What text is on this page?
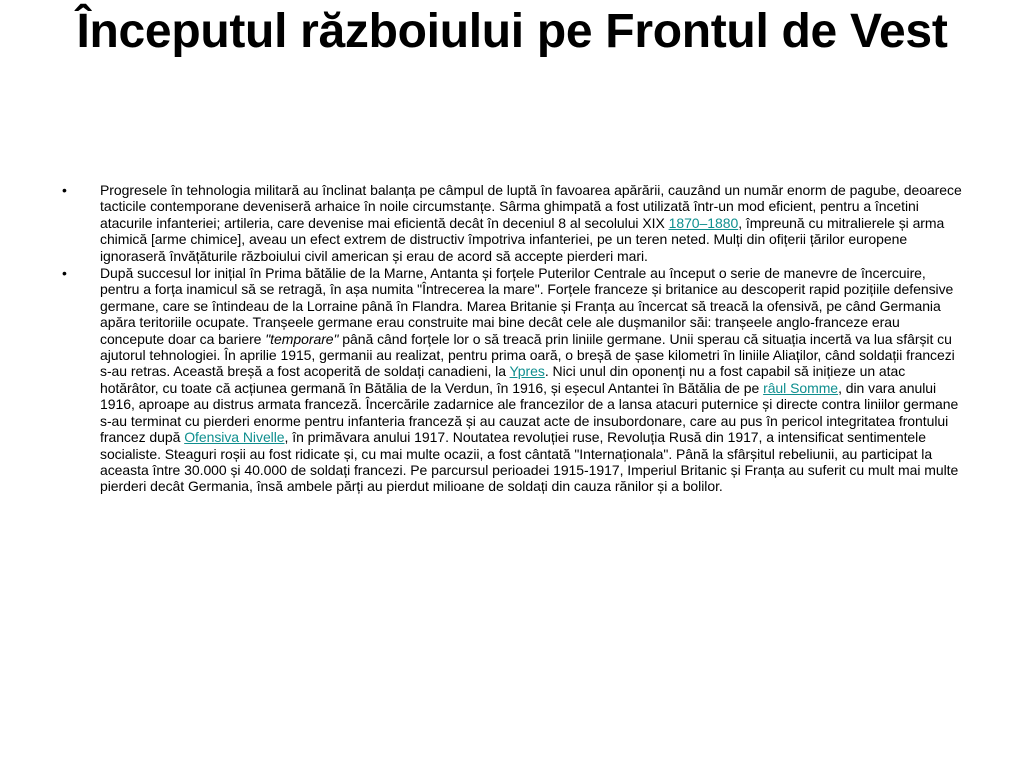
Începutul războiului pe Frontul de Vest
• Progresele în tehnologia militară au înclinat balanța pe câmpul de luptă în favoarea apărării, cauzând un număr enorm de pagube, deoarece tacticile contemporane deveniseră arhaice în noile circumstanțe. Sârma ghimpată a fost utilizată într-un mod eficient, pentru a încetini atacurile infanteriei; artileria, care devenise mai eficientă decât în deceniul 8 al secolului XIX 1870–1880, împreună cu mitralierele și arma chimică [arme chimice], aveau un efect extrem de distructiv împotriva infanteriei, pe un teren neted. Mulți din ofițerii țărilor europene ignoraseră învățăturile războiului civil american și erau de acord să accepte pierderi mari.
• După succesul lor inițial în Prima bătălie de la Marne, Antanta și forțele Puterilor Centrale au început o serie de manevre de încercuire, pentru a forța inamicul să se retragă, în așa numita "Întrecerea la mare". Forțele franceze și britanice au descoperit rapid pozițiile defensive germane, care se întindeau de la Lorraine până în Flandra. Marea Britanie și Franța au încercat să treacă la ofensivă, pe când Germania apăra teritoriile ocupate. Tranșeele germane erau construite mai bine decât cele ale dușmanilor săi: tranșeele anglo-franceze erau concepute doar ca bariere "temporare" până când forțele lor o să treacă prin liniile germane. Unii sperau că situația incertă va lua sfârșit cu ajutorul tehnologiei. În aprilie 1915, germanii au realizat, pentru prima oară, o breșă de șase kilometri în liniile Aliaților, când soldații francezi s-au retras. Această breșă a fost acoperită de soldați canadieni, la Ypres. Nici unul din oponenți nu a fost capabil să inițieze un atac hotărâtor, cu toate că acțiunea germană în Bătălia de la Verdun, în 1916, și eșecul Antantei în Bătălia de pe râul Somme, din vara anului 1916, aproape au distrus armata franceză. Încercările zadarnice ale francezilor de a lansa atacuri puternice și directe contra liniilor germane s-au terminat cu pierderi enorme pentru infanteria franceză și au cauzat acte de insubordonare, care au pus în pericol integritatea frontului francez după Ofensiva Nivelle, în primăvara anului 1917. Noutatea revoluției ruse, Revoluția Rusă din 1917, a intensificat sentimentele socialiste. Steaguri roșii au fost ridicate și, cu mai multe ocazii, a fost cântată "Internaționala". Până la sfârșitul rebeliunii, au participat la aceasta între 30.000 și 40.000 de soldați francezi. Pe parcursul perioadei 1915-1917, Imperiul Britanic și Franța au suferit cu mult mai multe pierderi decât Germania, însă ambele părți au pierdut milioane de soldați din cauza rănilor și a bolilor.
